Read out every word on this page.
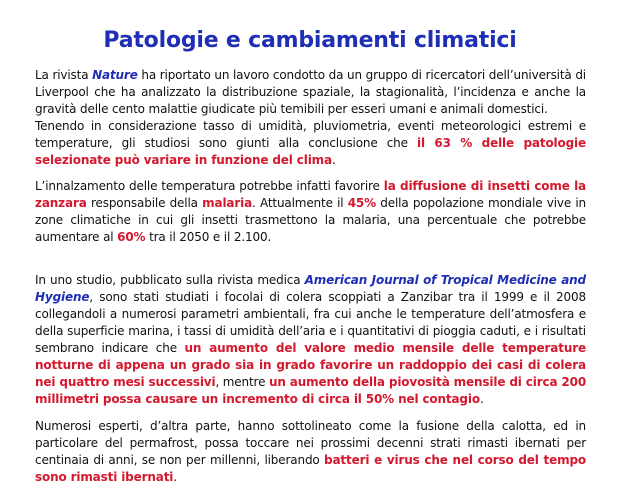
Patologie e cambiamenti climatici

La rivista Nature ha riportato un lavoro condotto da un gruppo di ricercatori dell’università di Liverpool che ha analizzato la distribuzione spaziale, la stagionalità, l’incidenza e anche la gravità delle cento malattie giudicate più temibili per esseri umani e animali domestici.

Tenendo in considerazione tasso di umidità, pluviometria, eventi meteorologici estremi e temperature, gli studiosi sono giunti alla conclusione che il 63 % delle patologie selezionate può variare in funzione del clima.

L’innalzamento delle temperatura potrebbe infatti favorire la diffusione di insetti come la zanzara responsabile della malaria. Attualmente il 45% della popolazione mondiale vive in zone climatiche in cui gli insetti trasmettono la malaria, una percentuale che potrebbe aumentare al 60% tra il 2050 e il 2.100.

In uno studio, pubblicato sulla rivista medica American Journal of Tropical Medicine and Hygiene, sono stati studiati i focolai di colera scoppiati a Zanzibar tra il 1999 e il 2008 collegandoli a numerosi parametri ambientali, fra cui anche le temperature dell’atmosfera e della superficie marina, i tassi di umidità dell’aria e i quantitativi di pioggia caduti, e i risultati sembrano indicare che un aumento del valore medio mensile delle temperature notturne di appena un grado sia in grado favorire un raddoppio dei casi di colera nei quattro mesi successivi, mentre un aumento della piovosità mensile di circa 200 millimetri possa causare un incremento di circa il 50% nel contagio.

Numerosi esperti, d’altra parte, hanno sottolineato come la fusione della calotta, ed in particolare del permafrost, possa toccare nei prossimi decenni strati rimasti ibernati per centinaia di anni, se non per millenni, liberando batteri e virus che nel corso del tempo sono rimasti ibernati.
